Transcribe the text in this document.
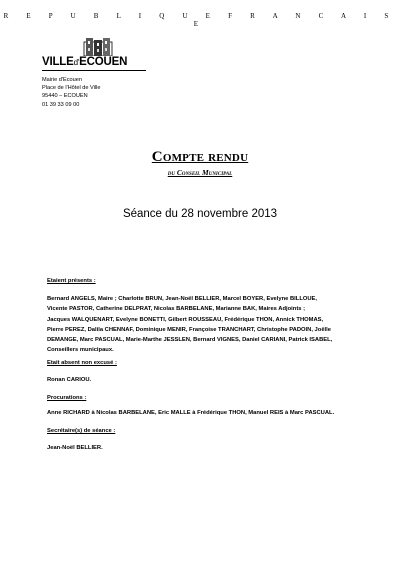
R E P U B L I Q U E F R A N C A I S E
VILLEd'ECOUEN
Mairie d'Ecouen
Place de l'Hôtel de Ville
95440 – ECOUEN
01 39 33 09 00
Compte rendu
du Conseil Municipal
Séance du 28 novembre 2013
Etaient présents :
Bernard ANGELS, Maire ; Charlotte BRUN, Jean-Noël BELLIER, Marcel BOYER, Evelyne BILLOUE,
Vicente PASTOR, Catherine DELPRAT, Nicolas BARBELANE, Marianne BAK, Maires Adjoints ;
Jacques WALQUENART, Evelyne BONETTI, Gilbert ROUSSEAU, Frédérique THON, Annick THOMAS,
Pierre PEREZ, Dalila CHENNAF, Dominique MENIR, Françoise TRANCHART, Christophe PADOIN, Joëlle
DEMANGE, Marc PASCUAL, Marie-Marthe JESSLEN, Bernard VIGNES, Daniel CARIANI, Patrick ISABEL,
Conseillers municipaux.
Etait absent non excusé :
Ronan CARIOU.
Procurations :
Anne RICHARD à Nicolas BARBELANE, Eric MALLE à Frédérique THON, Manuel REIS à Marc PASCUAL.
Secrétaire(s) de séance :
Jean-Noël BELLIER.
